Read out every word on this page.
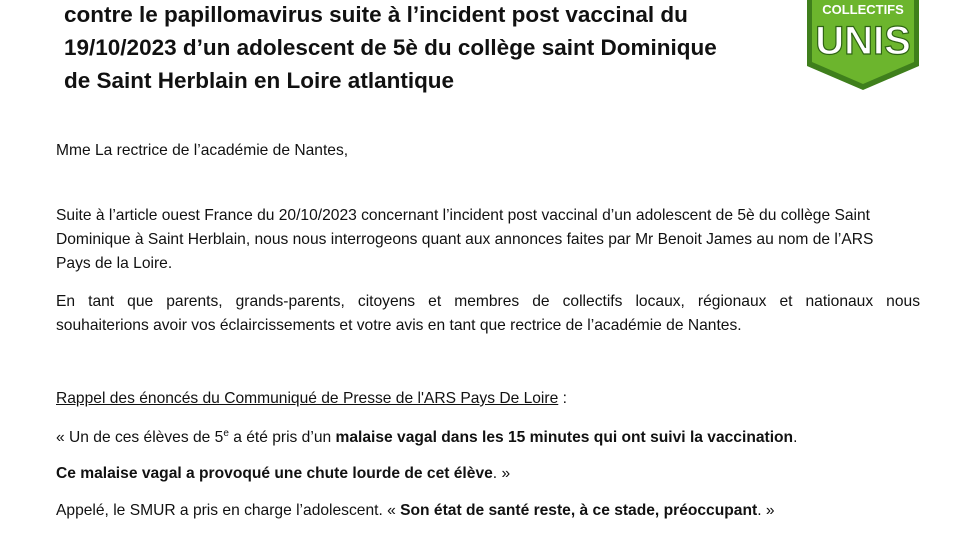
contre le papillomavirus suite à l’incident post vaccinal du
19/10/2023 d’un adolescent de 5è du collège saint Dominique
de Saint Herblain en Loire atlantique
COLLECTIFS
UNIS

Mme La rectrice de l’académie de Nantes,

Suite à l’article ouest France du 20/10/2023 concernant l’incident post vaccinal d’un adolescent de 5è du collège Saint
Dominique à Saint Herblain, nous nous interrogeons quant aux annonces faites par Mr Benoit James au nom de l’ARS
Pays de la Loire.

En tant que parents, grands-parents, citoyens et membres de collectifs locaux, régionaux et nationaux nous
souhaiterions avoir vos éclaircissements et votre avis en tant que rectrice de l’académie de Nantes.

Rappel des énoncés du Communiqué de Presse de l'ARS Pays De Loire :

« Un de ces élèves de 5e a été pris d’un malaise vagal dans les 15 minutes qui ont suivi la vaccination.

Ce malaise vagal a provoqué une chute lourde de cet élève. »

Appelé, le SMUR a pris en charge l’adolescent. « Son état de santé reste, à ce stade, préoccupant. »
